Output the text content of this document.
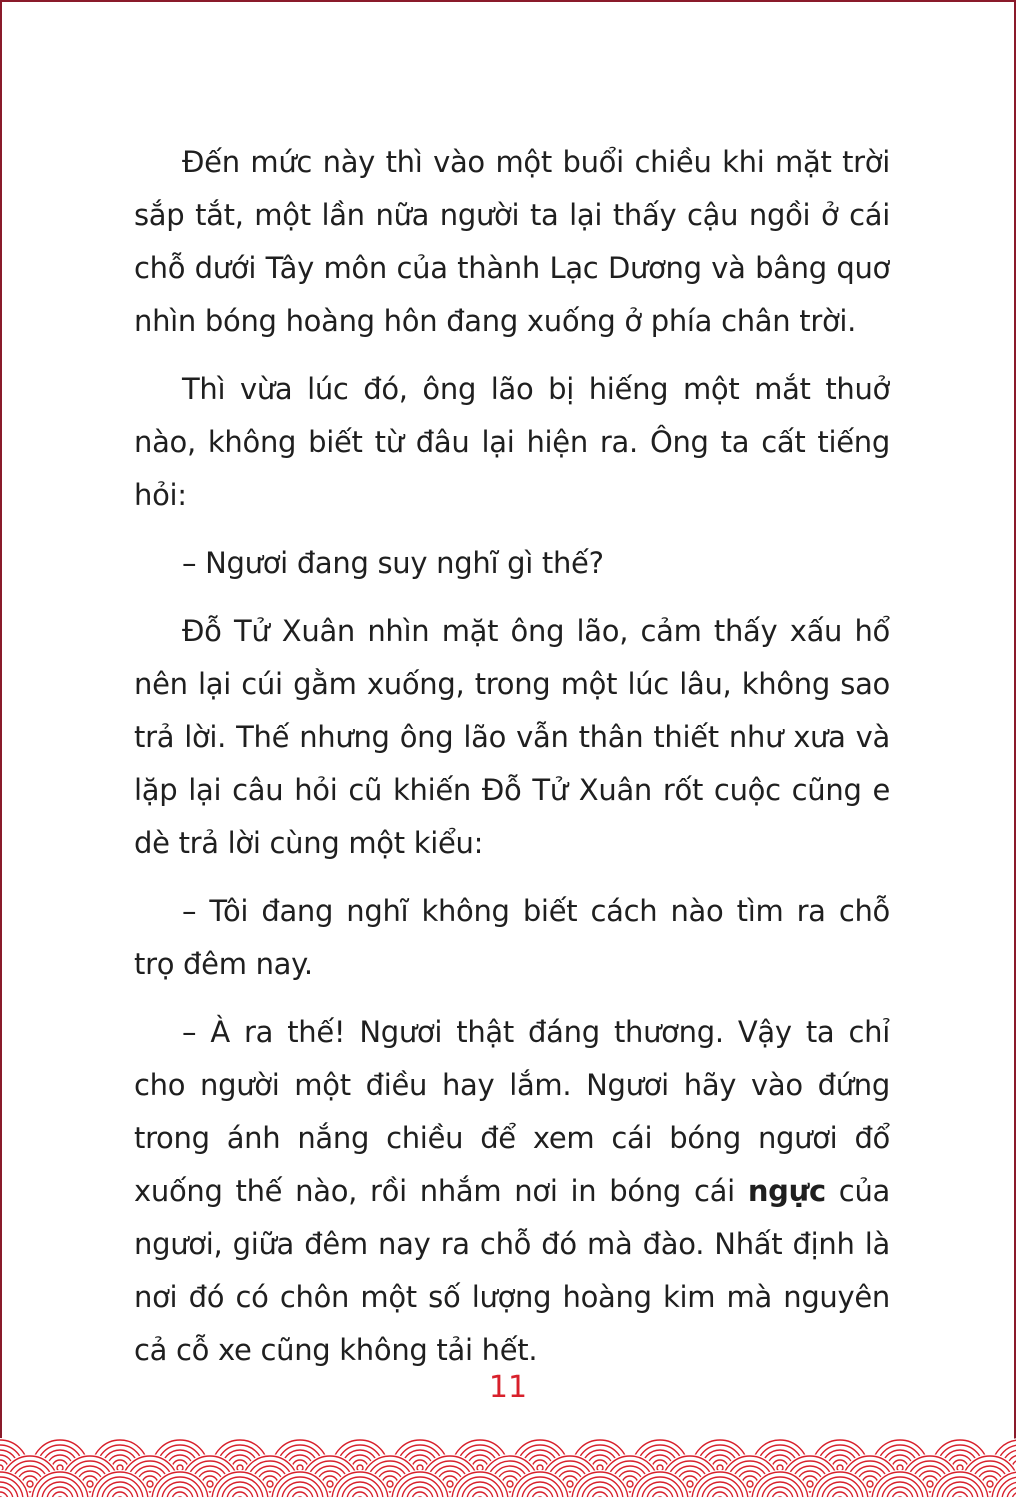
Đến mức này thì vào một buổi chiều khi mặt trời sắp tắt, một lần nữa người ta lại thấy cậu ngồi ở cái chỗ dưới Tây môn của thành Lạc Dương và bâng quơ nhìn bóng hoàng hôn đang xuống ở phía chân trời.

Thì vừa lúc đó, ông lão bị hiếng một mắt thuở nào, không biết từ đâu lại hiện ra. Ông ta cất tiếng hỏi:

– Ngươi đang suy nghĩ gì thế?

Đỗ Tử Xuân nhìn mặt ông lão, cảm thấy xấu hổ nên lại cúi gằm xuống, trong một lúc lâu, không sao trả lời. Thế nhưng ông lão vẫn thân thiết như xưa và lặp lại câu hỏi cũ khiến Đỗ Tử Xuân rốt cuộc cũng e dè trả lời cùng một kiểu:

– Tôi đang nghĩ không biết cách nào tìm ra chỗ trọ đêm nay.

– À ra thế! Ngươi thật đáng thương. Vậy ta chỉ cho người một điều hay lắm. Ngươi hãy vào đứng trong ánh nắng chiều để xem cái bóng ngươi đổ xuống thế nào, rồi nhắm nơi in bóng cái ngực của ngươi, giữa đêm nay ra chỗ đó mà đào. Nhất định là nơi đó có chôn một số lượng hoàng kim mà nguyên cả cỗ xe cũng không tải hết.

11
